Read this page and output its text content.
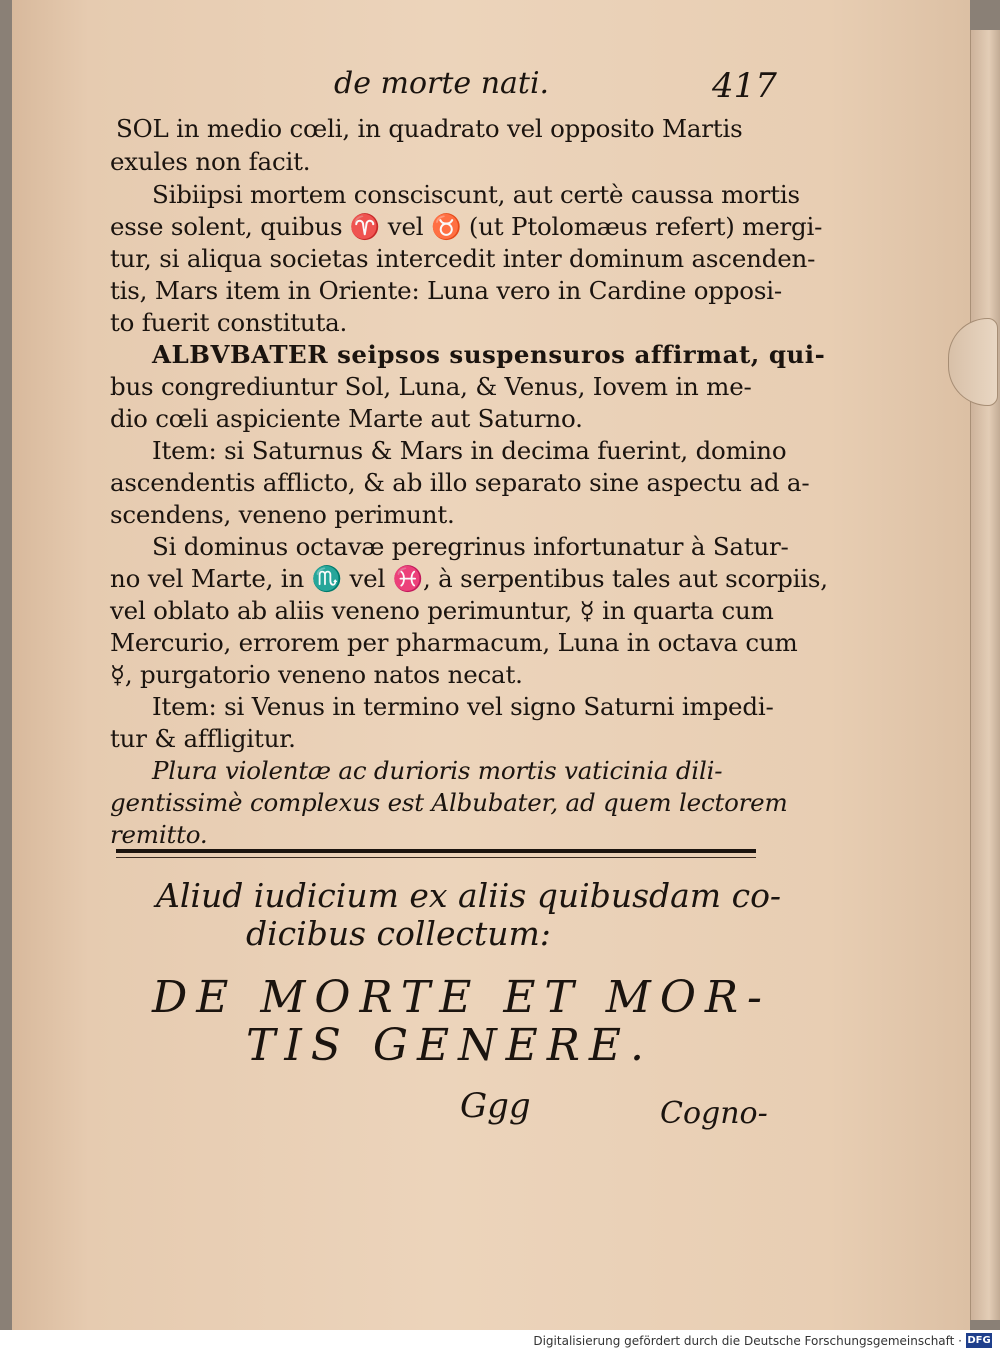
de morte nati.	417
SOL in medio cœli, in quadrato vel opposito Martis
exules non facit.
Sibiipsi mortem consciscunt, aut certè caussa mortis
esse solent, quibus ♈ vel ♉ (ut Ptolomæus refert) mergi-
tur, si aliqua societas intercedit inter dominum ascenden-
tis, Mars item in Oriente: Luna vero in Cardine opposi-
to fuerit constituta.
ALBVBATER seipsos suspensuros affirmat, qui-
bus congrediuntur Sol, Luna, & Venus, Iovem in me-
dio cœli aspiciente Marte aut Saturno.
Item: si Saturnus & Mars in decima fuerint, domino
ascendentis afflicto, & ab illo separato sine aspectu ad a-
scendens, veneno perimunt.
Si dominus octavæ peregrinus infortunatur à Satur-
no vel Marte, in ♏ vel ♓, à serpentibus tales aut scorpiis,
vel oblato ab aliis veneno perimuntur, ☿ in quarta cum
Mercurio, errorem per pharmacum, Luna in octava cum
☿, purgatorio veneno natos necat.
Item: si Venus in termino vel signo Saturni impedi-
tur & affligitur.
Plura violentæ ac durioris mortis vaticinia dili-
gentissimè complexus est Albubater, ad quem lectorem
remitto.
Aliud iudicium ex aliis quibusdam co-
dicibus collectum:
DE MORTE ET MOR-
TIS GENERE.
Ggg	Cogno-
Digitalisierung gefördert durch die Deutsche Forschungsgemeinschaft · DFG
